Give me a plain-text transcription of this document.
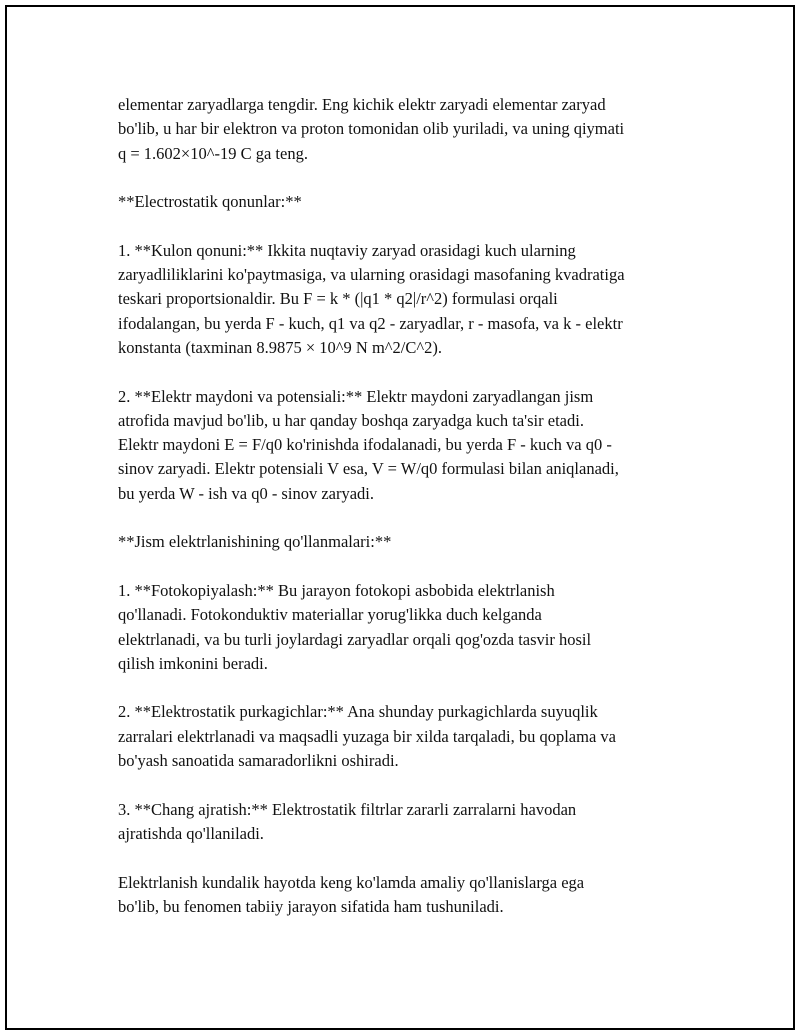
elementar zaryadlarga tengdir. Eng kichik elektr zaryadi elementar zaryad
bo'lib, u har bir elektron va proton tomonidan olib yuriladi, va uning qiymati
q = 1.602×10^-19 C ga teng.

**Electrostatik qonunlar:**

1. **Kulon qonuni:** Ikkita nuqtaviy zaryad orasidagi kuch ularning
zaryadliliklarini ko'paytmasiga, va ularning orasidagi masofaning kvadratiga
teskari proportsionaldir. Bu F = k * (|q1 * q2|/r^2) formulasi orqali
ifodalangan, bu yerda F - kuch, q1 va q2 - zaryadlar, r - masofa, va k - elektr
konstanta (taxminan 8.9875 × 10^9 N m^2/C^2).

2. **Elektr maydoni va potensiali:** Elektr maydoni zaryadlangan jism
atrofida mavjud bo'lib, u har qanday boshqa zaryadga kuch ta'sir etadi.
Elektr maydoni E = F/q0 ko'rinishda ifodalanadi, bu yerda F - kuch va q0 -
sinov zaryadi. Elektr potensiali V esa, V = W/q0 formulasi bilan aniqlanadi,
bu yerda W - ish va q0 - sinov zaryadi.

**Jism elektrlanishining qo'llanmalari:**

1. **Fotokopiyalash:** Bu jarayon fotokopi asbobida elektrlanish
qo'llanadi. Fotokonduktiv materiallar yorug'likka duch kelganda
elektrlanadi, va bu turli joylardagi zaryadlar orqali qog'ozda tasvir hosil
qilish imkonini beradi.

2. **Elektrostatik purkagichlar:** Ana shunday purkagichlarda suyuqlik
zarralari elektrlanadi va maqsadli yuzaga bir xilda tarqaladi, bu qoplama va
bo'yash sanoatida samaradorlikni oshiradi.

3. **Chang ajratish:** Elektrostatik filtrlar zararli zarralarni havodan
ajratishda qo'llaniladi.

Elektrlanish kundalik hayotda keng ko'lamda amaliy qo'llanislarga ega
bo'lib, bu fenomen tabiiy jarayon sifatida ham tushuniladi.
